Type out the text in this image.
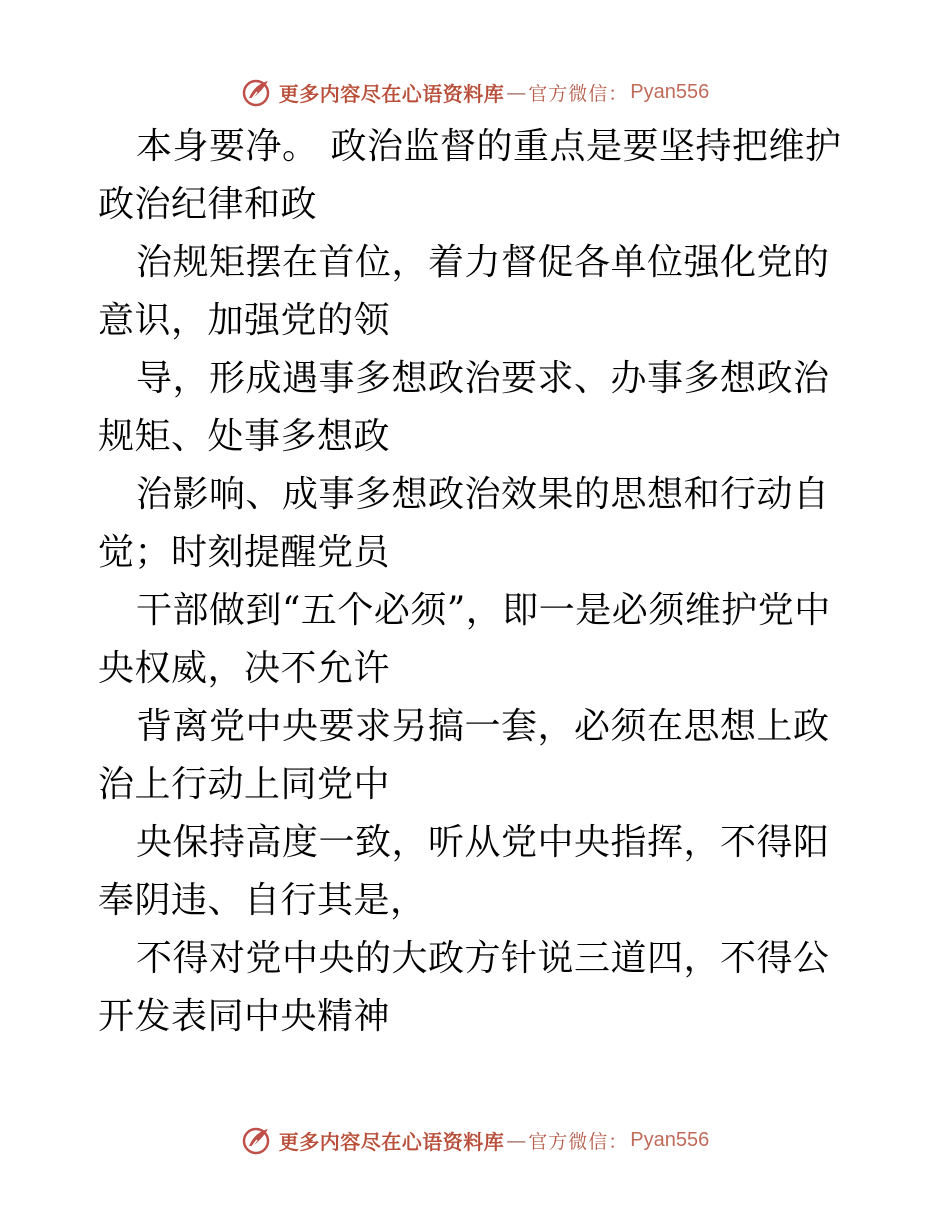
更多内容尽在心语资料库 — 官方微信： Pyan556

本身要净。 政治监督的重点是要坚持把维护政治纪律和政

治规矩摆在首位，着力督促各单位强化党的意识，加强党的领

导，形成遇事多想政治要求、办事多想政治规矩、处事多想政

治影响、成事多想政治效果的思想和行动自觉；时刻提醒党员

干部做到“五个必须”，即一是必须维护党中央权威，决不允许

背离党中央要求另搞一套，必须在思想上政治上行动上同党中

央保持高度一致，听从党中央指挥，不得阳奉阴违、自行其是，

不得对党中央的大政方针说三道四，不得公开发表同中央精神

更多内容尽在心语资料库 — 官方微信： Pyan556
